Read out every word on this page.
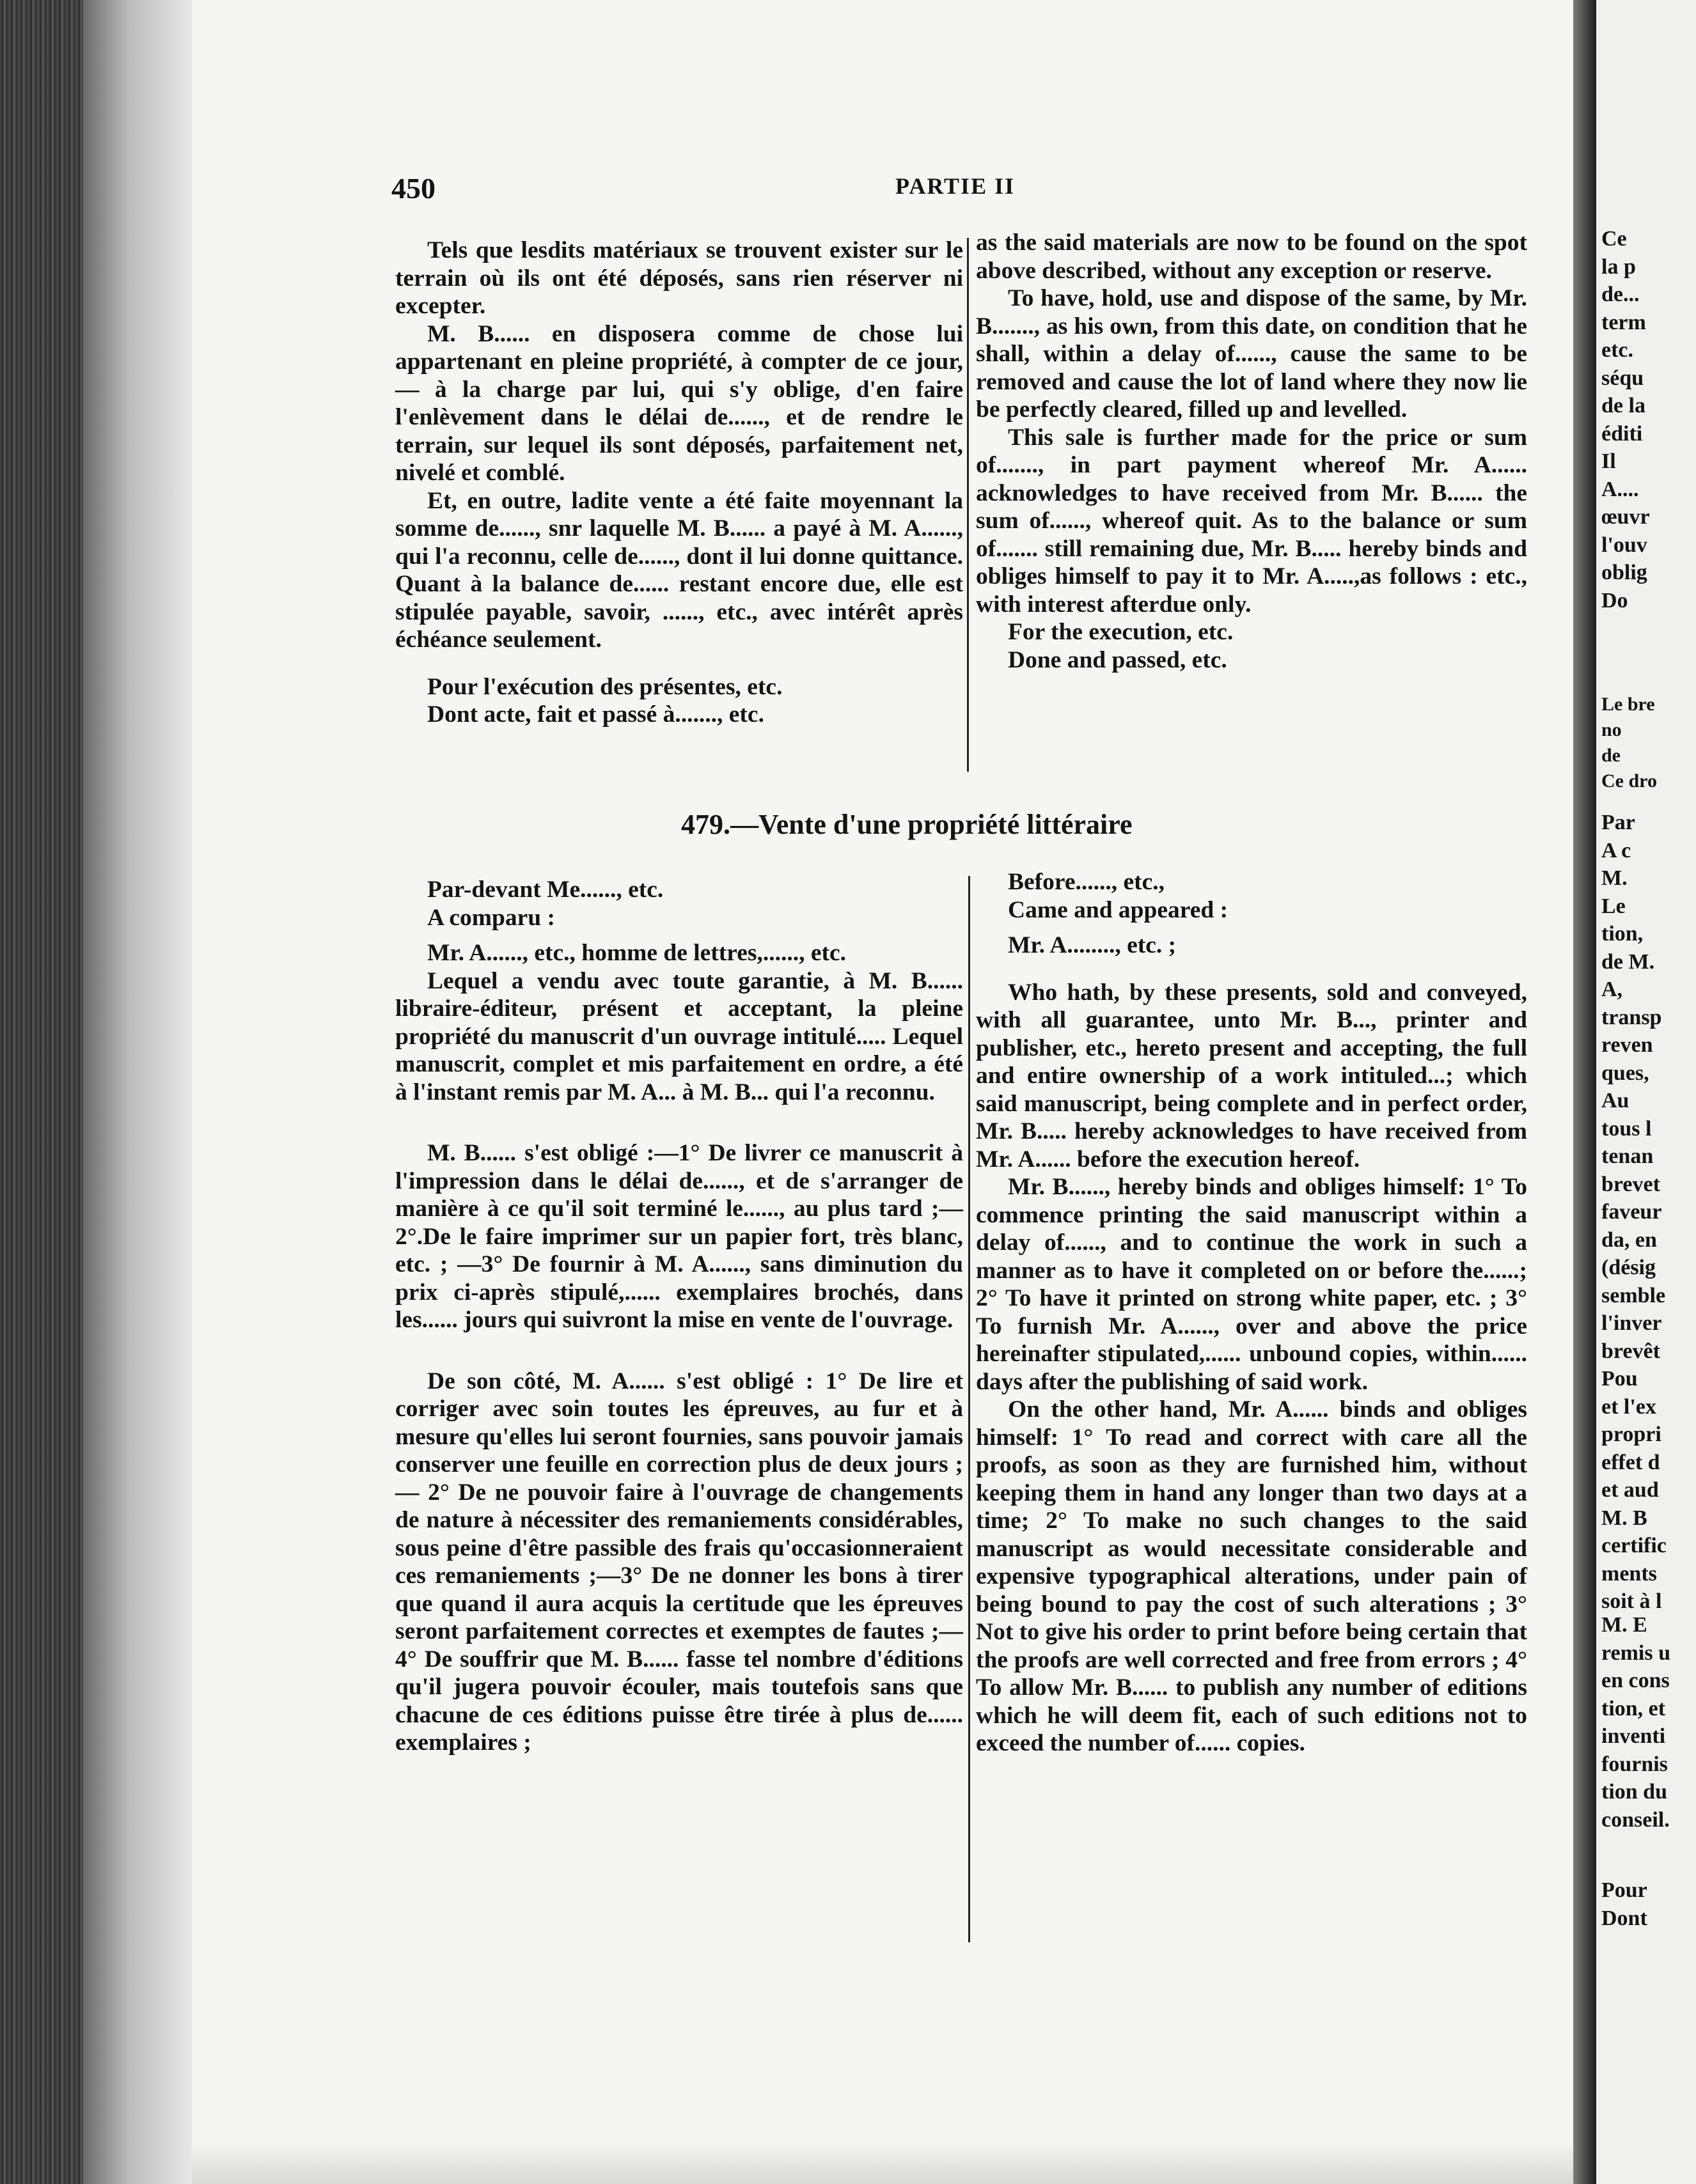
450	PARTIE II

Tels que lesdits matériaux se trouvent exister sur le terrain où ils ont été déposés, sans rien réserver ni excepter.

M. B...... en disposera comme de chose lui appartenant en pleine propriété, à compter de ce jour, — à la charge par lui, qui s'y oblige, d'en faire l'enlèvement dans le délai de......, et de rendre le terrain, sur lequel ils sont déposés, parfaitement net, nivelé et comblé.

Et, en outre, ladite vente a été faite moyennant la somme de......, snr laquelle M. B...... a payé à M. A......, qui l'a reconnu, celle de......, dont il lui donne quittance. Quant à la balance de...... restant encore due, elle est stipulée payable, savoir, ......, etc., avec intérêt après échéance seulement.

Pour l'exécution des présentes, etc.

Dont acte, fait et passé à......., etc.

as the said materials are now to be found on the spot above described, without any exception or reserve.

To have, hold, use and dispose of the same, by Mr. B......., as his own, from this date, on condition that he shall, within a delay of......, cause the same to be removed and cause the lot of land where they now lie be perfectly cleared, filled up and levelled.

This sale is further made for the price or sum of......., in part payment whereof Mr. A...... acknowledges to have received from Mr. B...... the sum of......, whereof quit. As to the balance or sum of....... still remaining due, Mr. B..... hereby binds and obliges himself to pay it to Mr. A.....,as follows : etc., with interest afterdue only.

For the execution, etc.

Done and passed, etc.

479.—Vente d'une propriété littéraire

Par-devant Me......, etc.

A comparu :

Mr. A......, etc., homme de lettres,......, etc.

Lequel a vendu avec toute garantie, à M. B...... libraire-éditeur, présent et acceptant, la pleine propriété du manuscrit d'un ouvrage intitulé..... Lequel manuscrit, complet et mis parfaitement en ordre, a été à l'instant remis par M. A... à M. B... qui l'a reconnu.

M. B...... s'est obligé :—1° De livrer ce manuscrit à l'impression dans le délai de......, et de s'arranger de manière à ce qu'il soit terminé le......, au plus tard ;—2°.De le faire imprimer sur un papier fort, très blanc, etc. ; —3° De fournir à M. A......, sans diminution du prix ci-après stipulé,...... exemplaires brochés, dans les...... jours qui suivront la mise en vente de l'ouvrage.

De son côté, M. A...... s'est obligé : 1° De lire et corriger avec soin toutes les épreuves, au fur et à mesure qu'elles lui seront fournies, sans pouvoir jamais conserver une feuille en correction plus de deux jours ;— 2° De ne pouvoir faire à l'ouvrage de changements de nature à nécessiter des remaniements considérables, sous peine d'être passible des frais qu'occasionneraient ces remaniements ;—3° De ne donner les bons à tirer que quand il aura acquis la certitude que les épreuves seront parfaitement correctes et exemptes de fautes ;—4° De souffrir que M. B...... fasse tel nombre d'éditions qu'il jugera pouvoir écouler, mais toutefois sans que chacune de ces éditions puisse être tirée à plus de...... exemplaires ;

Before......, etc.,

Came and appeared :

Mr. A........, etc. ;

Who hath, by these presents, sold and conveyed, with all guarantee, unto Mr. B..., printer and publisher, etc., hereto present and accepting, the full and entire ownership of a work intituled...; which said manuscript, being complete and in perfect order, Mr. B..... hereby acknowledges to have received from Mr. A...... before the execution hereof.

Mr. B......, hereby binds and obliges himself: 1° To commence printing the said manuscript within a delay of......, and to continue the work in such a manner as to have it completed on or before the......; 2° To have it printed on strong white paper, etc. ; 3° To furnish Mr. A......, over and above the price hereinafter stipulated,...... unbound copies, within...... days after the publishing of said work.

On the other hand, Mr. A...... binds and obliges himself: 1° To read and correct with care all the proofs, as soon as they are furnished him, without keeping them in hand any longer than two days at a time; 2° To make no such changes to the said manuscript as would necessitate considerable and expensive typographical alterations, under pain of being bound to pay the cost of such alterations ; 3° Not to give his order to print before being certain that the proofs are well corrected and free from errors ; 4° To allow Mr. B...... to publish any number of editions which he will deem fit, each of such editions not to exceed the number of...... copies.

Ce
la p
de...
term
etc.
séqu
de la
éditi
Il
A....
œuvr
l'ouv
oblig
Do
Le bre
no
de
Ce dro
Par
A c
M.
Le
tion,
de M.
A,
transp
reven
ques,
Au
tous l
tenan
brevet
faveur
da, en
(désig
semble
l'inver
brevêt
Pou
et l'ex
propri
effet d
et aud
M. B
certific
ments
soit à l
M. E
remis u
en cons
tion, et
inventi
fournis
tion du
conseil.
Pour
Dont
